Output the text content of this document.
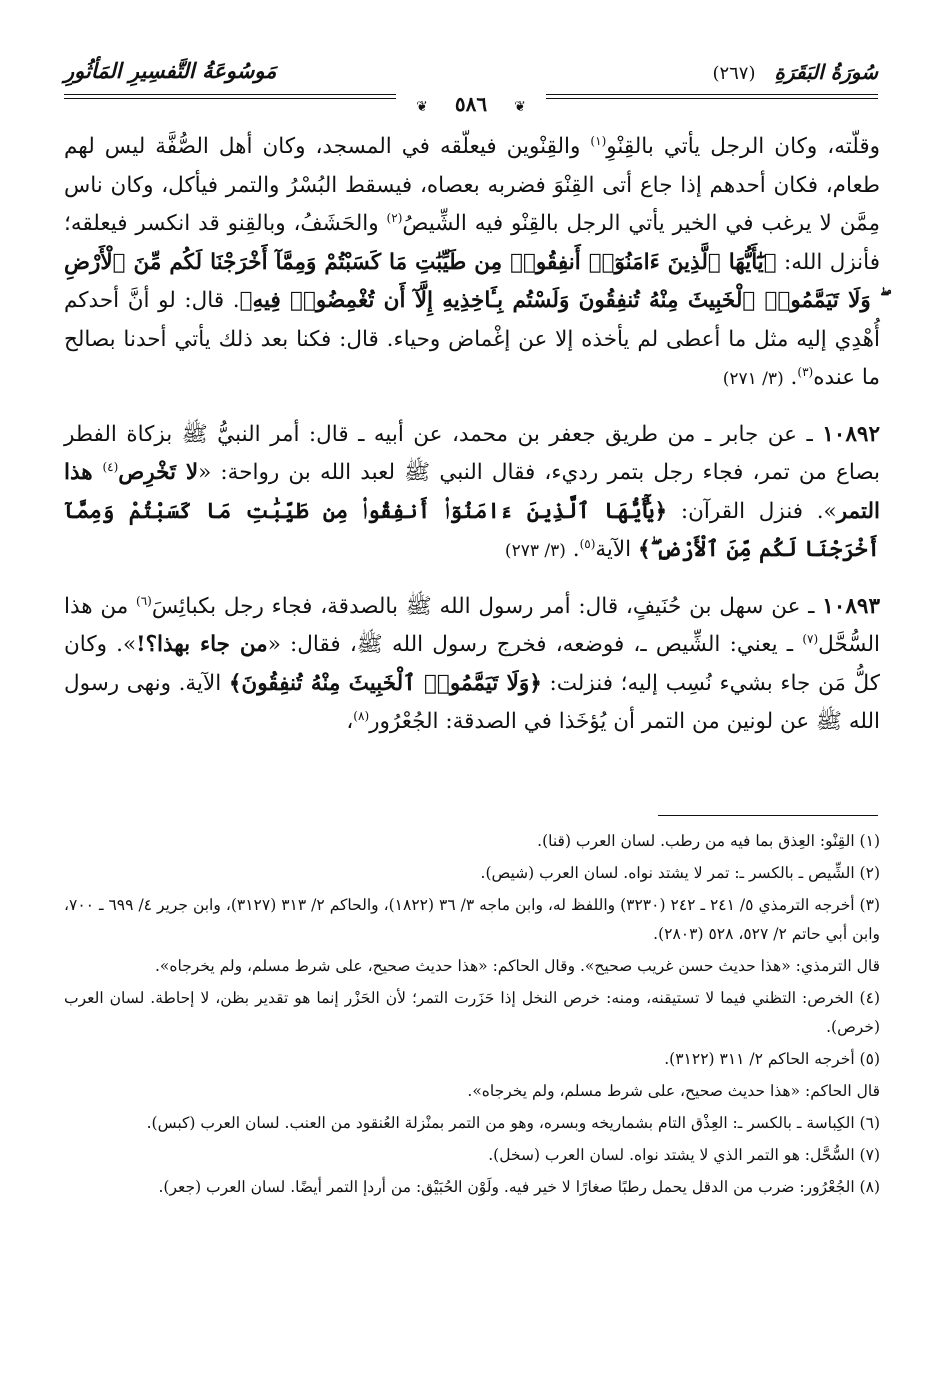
سُورَةُ البَقَرَةِ (٢٦٧)
مَوسُوعَةُ التَّفسِيرِ المَأثُورِ
❦ ٥٨٦ ❦

وقلّته، وكان الرجل يأتي بالقِنْوِ$^{(١)}$ والقِنْوين فيعلّقه في المسجد، وكان أهل الصُّفَّة ليس لهم طعام، فكان أحدهم إذا جاع أتى القِنْوَ فضربه بعصاه، فيسقط البُسْرُ والتمر فيأكل، وكان ناس مِمَّن لا يرغب في الخير يأتي الرجل بالقِنْو فيه الشِّيصُ$^{(٢)}$ والحَشَفُ، وبالقِنو قد انكسر فيعلقه؛ فأنزل الله: ﴿يَٰٓأَيُّهَا ٱلَّذِينَ ءَامَنُوٓا۟ أَنفِقُوا۟ مِن طَيِّبَٰتِ مَا كَسَبْتُمْ وَمِمَّآ أَخْرَجْنَا لَكُم مِّنَ ٱلْأَرْضِ ۖ وَلَا تَيَمَّمُوا۟ ٱلْخَبِيثَ مِنْهُ تُنفِقُونَ وَلَسْتُم بِـَٔاخِذِيهِ إِلَّآ أَن تُغْمِضُوا۟ فِيهِ﴾. قال: لو أنَّ أحدكم أُهْدِي إليه مثل ما أعطى لم يأخذه إلا عن إغْماض وحياء. قال: فكنا بعد ذلك يأتي أحدنا بصالح ما عنده$^{(٣)}$. (٣/ ٢٧١)

١٠٨٩٢ ـ عن جابر ـ من طريق جعفر بن محمد، عن أبيه ـ قال: أمر النبيُّ ﷺ بزكاة الفطر بصاع من تمر، فجاء رجل بتمر رديء، فقال النبي ﷺ لعبد الله بن رواحة: «لا تَخْرِص$^{(٤)}$ هذا التمر». فنزل القرآن: ﴿يَٰٓأَيُّهَا ٱلَّذِينَ ءَامَنُوٓا۟ أَنفِقُوا۟ مِن طَيِّبَٰتِ مَا كَسَبْتُمْ وَمِمَّآ أَخْرَجْنَا لَكُم مِّنَ ٱلْأَرْضِ ۖ﴾ الآية$^{(٥)}$. (٣/ ٢٧٣)

١٠٨٩٣ ـ عن سهل بن حُنَيفٍ، قال: أمر رسول الله ﷺ بالصدقة، فجاء رجل بكبائِسَ$^{(٦)}$ من هذا السُّحَّل$^{(٧)}$ ـ يعني: الشِّيص ـ، فوضعه، فخرج رسول الله ﷺ، فقال: «من جاء بهذا؟!». وكان كلُّ مَن جاء بشيء نُسِب إليه؛ فنزلت: ﴿وَلَا تَيَمَّمُوا۟ ٱلْخَبِيثَ مِنْهُ تُنفِقُونَ﴾ الآية. ونهى رسول الله ﷺ عن لونين من التمر أن يُؤخَذا في الصدقة: الجُعْرُور$^{(٨)}$،

(١) القِنْو: العِذق بما فيه من رطب. لسان العرب (قنا).

(٢) الشِّيص ـ بالكسر ـ: تمر لا يشتد نواه. لسان العرب (شيص).

(٣) أخرجه الترمذي ٥/ ٢٤١ ـ ٢٤٢ (٣٢٣٠) واللفظ له، وابن ماجه ٣/ ٣٦ (١٨٢٢)، والحاكم ٢/ ٣١٣ (٣١٢٧)، وابن جرير ٤/ ٦٩٩ ـ ٧٠٠، وابن أبي حاتم ٢/ ٥٢٧، ٥٢٨ (٢٨٠٣).

قال الترمذي: «هذا حديث حسن غريب صحيح». وقال الحاكم: «هذا حديث صحيح، على شرط مسلم، ولم يخرجاه».

(٤) الخرص: التظني فيما لا تستيقنه، ومنه: خرص النخل إذا حَزَرت التمر؛ لأن الحَزْر إنما هو تقدير بظن، لا إحاطة. لسان العرب (خرص).

(٥) أخرجه الحاكم ٢/ ٣١١ (٣١٢٢).

قال الحاكم: «هذا حديث صحيح، على شرط مسلم، ولم يخرجاه».

(٦) الكِباسة ـ بالكسر ـ: العِذْق التام بشماريخه وبسره، وهو من التمر بمنْزلة العُنقود من العنب. لسان العرب (كبس).

(٧) السُّحَّل: هو التمر الذي لا يشتد نواه. لسان العرب (سخل).

(٨) الجُعْرُور: ضرب من الدقل يحمل رطبًا صغارًا لا خير فيه. ولَوْن الحُبَيْق: من أردإ التمر أيضًا. لسان العرب (جعر).
